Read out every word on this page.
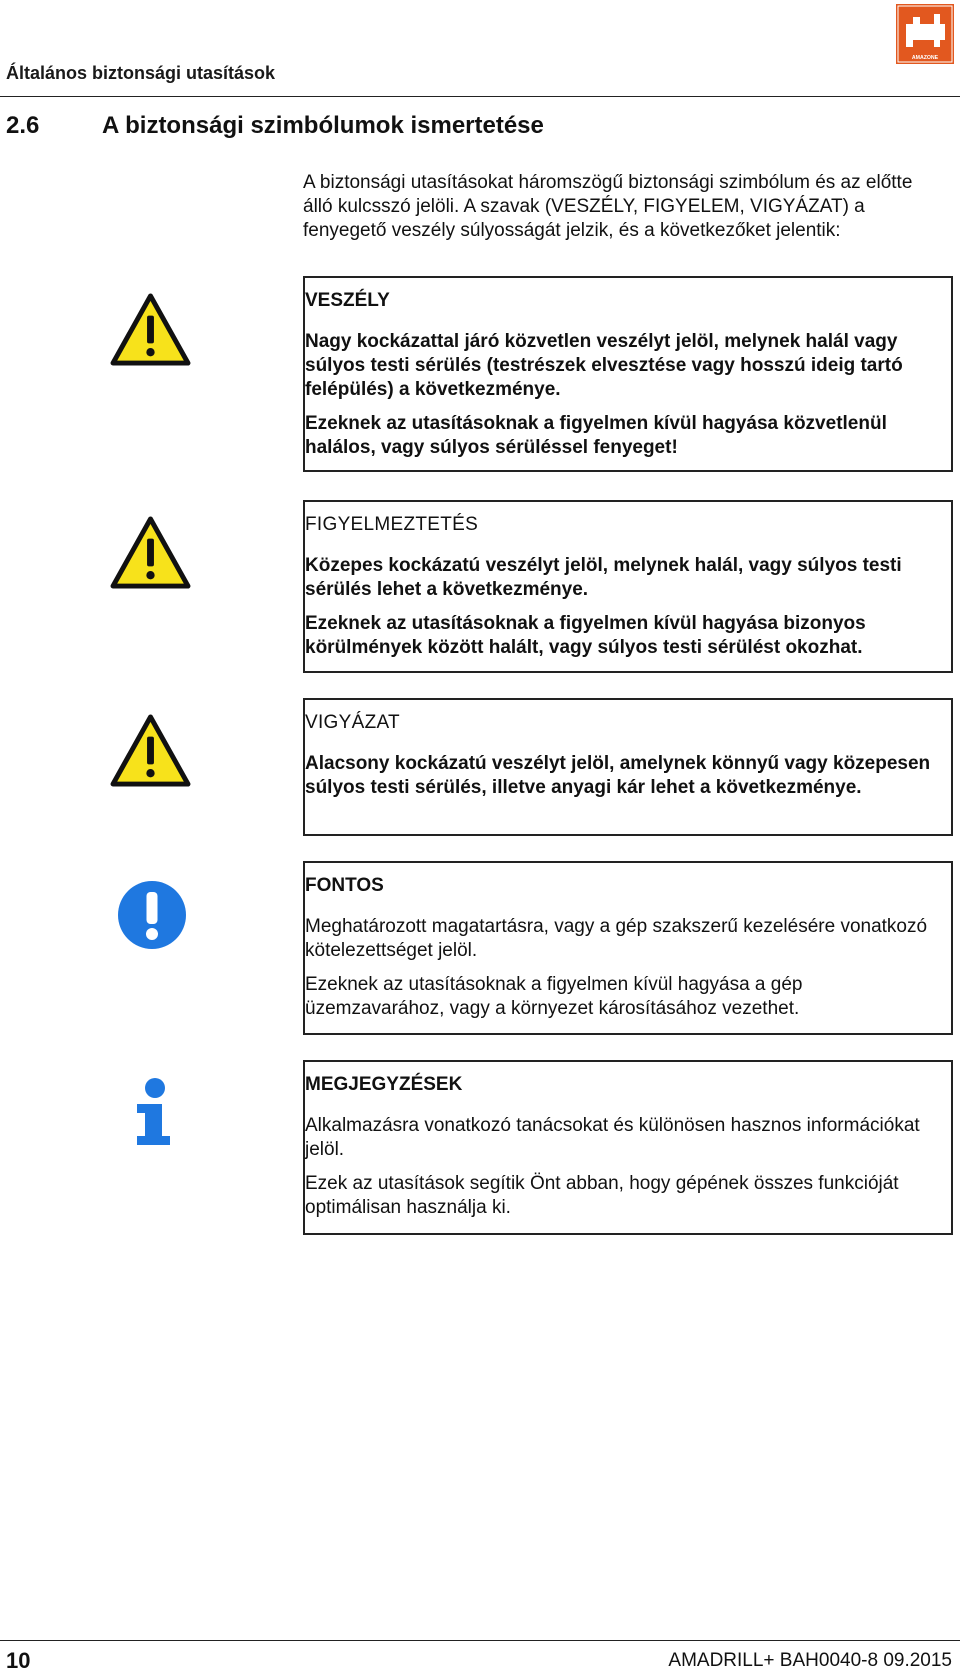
Általános biztonsági utasítások
AMAZONE
2.6	A biztonsági szimbólumok ismertetése
A biztonsági utasításokat háromszögű biztonsági szimbólum és az előtte álló kulcsszó jelöli. A szavak (VESZÉLY, FIGYELEM, VIGYÁZAT) a fenyegető veszély súlyosságát jelzik, és a következőket jelentik:
VESZÉLY
Nagy kockázattal járó közvetlen veszélyt jelöl, melynek halál vagy súlyos testi sérülés (testrészek elvesztése vagy hosszú ideig tartó felépülés) a következménye.
Ezeknek az utasításoknak a figyelmen kívül hagyása közvetlenül halálos, vagy súlyos sérüléssel fenyeget!
FIGYELMEZTETÉS
Közepes kockázatú veszélyt jelöl, melynek halál, vagy súlyos testi sérülés lehet a következménye.
Ezeknek az utasításoknak a figyelmen kívül hagyása bizonyos körülmények között halált, vagy súlyos testi sérülést okozhat.
VIGYÁZAT
Alacsony kockázatú veszélyt jelöl, amelynek könnyű vagy közepesen súlyos testi sérülés, illetve anyagi kár lehet a következménye.
FONTOS
Meghatározott magatartásra, vagy a gép szakszerű kezelésére vonatkozó kötelezettséget jelöl.
Ezeknek az utasításoknak a figyelmen kívül hagyása a gép üzemzavarához, vagy a környezet károsításához vezethet.
MEGJEGYZÉSEK
Alkalmazásra vonatkozó tanácsokat és különösen hasznos információkat jelöl.
Ezek az utasítások segítik Önt abban, hogy gépének összes funkcióját optimálisan használja ki.
10	AMADRILL+ BAH0040-8 09.2015
